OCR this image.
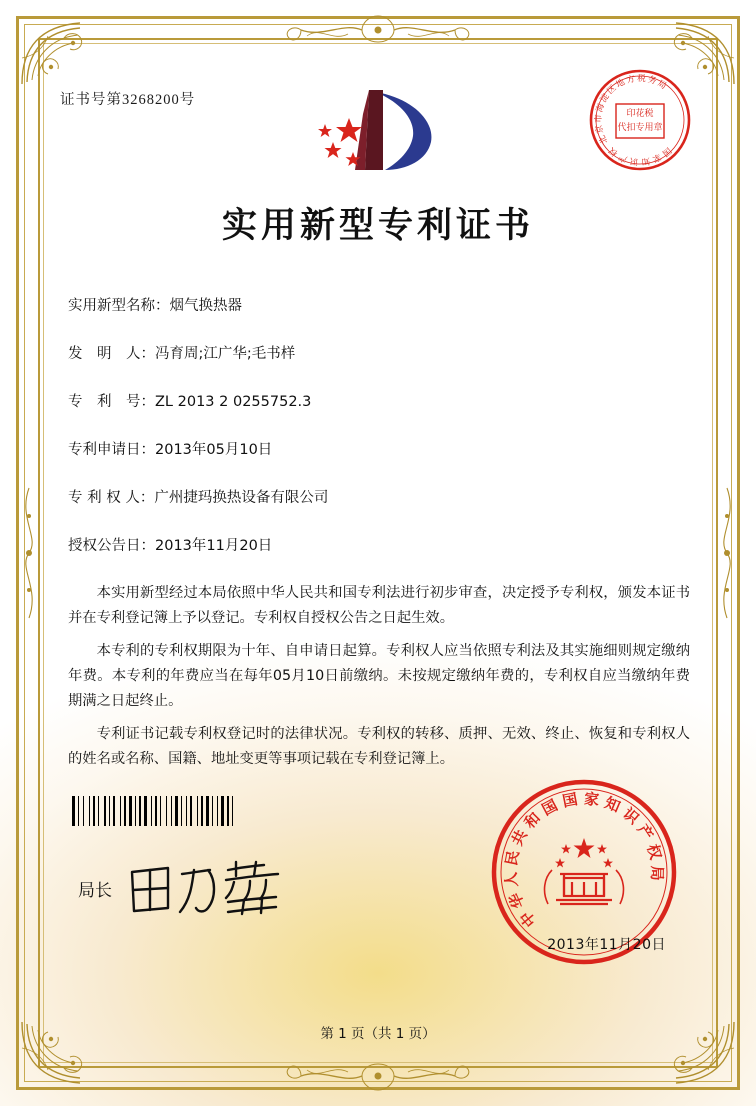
证书号第3268200号
北
京
市
海
淀
区
地
方 税 务
局
印花税
代扣专用章
国
家
知
识
产
权
实用新型专利证书
实用新型名称：烟气换热器
发　明　人：冯育周;江广华;毛书样
专　利　号：ZL 2013 2 0255752.3
专利申请日：2013年05月10日
专 利 权 人：广州捷玛换热设备有限公司
授权公告日：2013年11月20日

本实用新型经过本局依照中华人民共和国专利法进行初步审查，决定授予专利权，颁发本证书并在专利登记簿上予以登记。专利权自授权公告之日起生效。

本专利的专利权期限为十年、自申请日起算。专利权人应当依照专利法及其实施细则规定缴纳年费。本专利的年费应当在每年05月10日前缴纳。未按规定缴纳年费的，专利权自应当缴纳年费期满之日起终止。

专利证书记载专利权登记时的法律状况。专利权的转移、质押、无效、终止、恢复和专利权人的姓名或名称、国籍、地址变更等事项记载在专利登记簿上。

局长
中
华
人
民
共
和
国 国 家 知
识
产
权
局
2013年11月20日
第 1 页（共 1 页）
